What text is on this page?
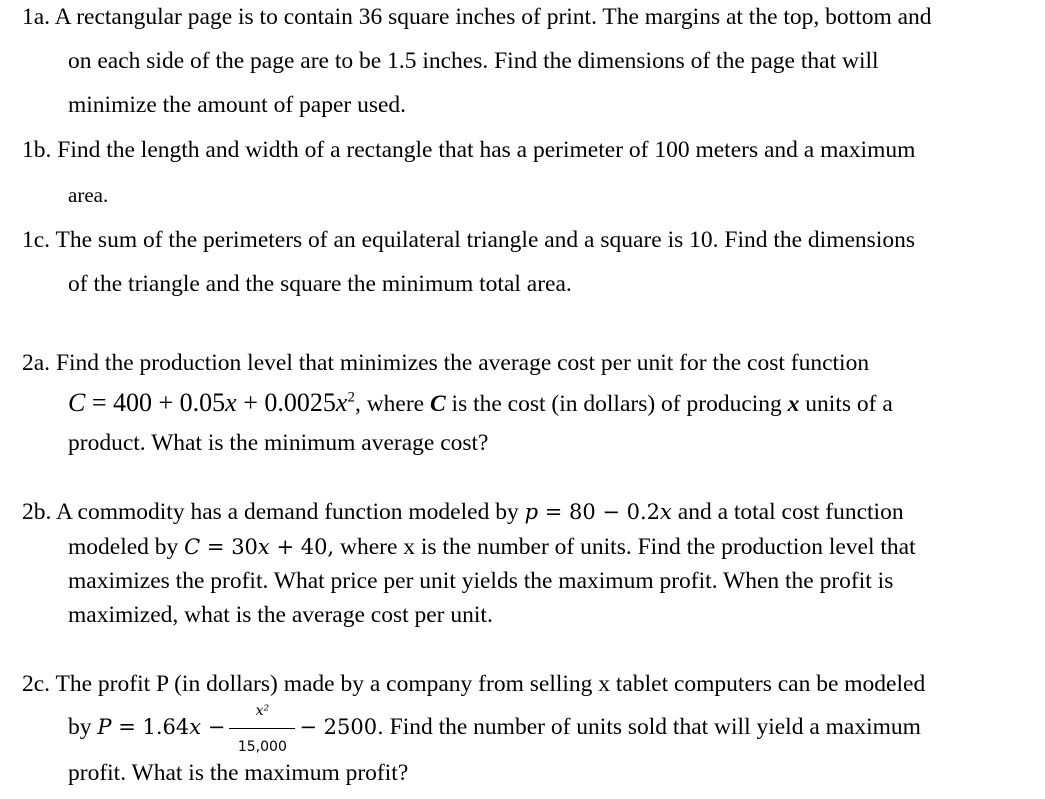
1a. A rectangular page is to contain 36 square inches of print. The margins at the top, bottom and
on each side of the page are to be 1.5 inches. Find the dimensions of the page that will
minimize the amount of paper used.
1b. Find the length and width of a rectangle that has a perimeter of 100 meters and a maximum
area.
1c. The sum of the perimeters of an equilateral triangle and a square is 10. Find the dimensions
of the triangle and the square the minimum total area.
2a. Find the production level that minimizes the average cost per unit for the cost function
$C = 400 + 0.05x + 0.0025x^2$, where C is the cost (in dollars) of producing x units of a
product. What is the minimum average cost?
2b. A commodity has a demand function modeled by p = 80 − 0.2x and a total cost function
modeled by C = 30x + 40, where x is the number of units. Find the production level that
maximizes the profit. What price per unit yields the maximum profit. When the profit is
maximized, what is the average cost per unit.
2c. The profit P (in dollars) made by a company from selling x tablet computers can be modeled
by $P = 1.64x - \frac{\text{x²}}{15,000} - 2500$. Find the number of units sold that will yield a maximum
profit. What is the maximum profit?
